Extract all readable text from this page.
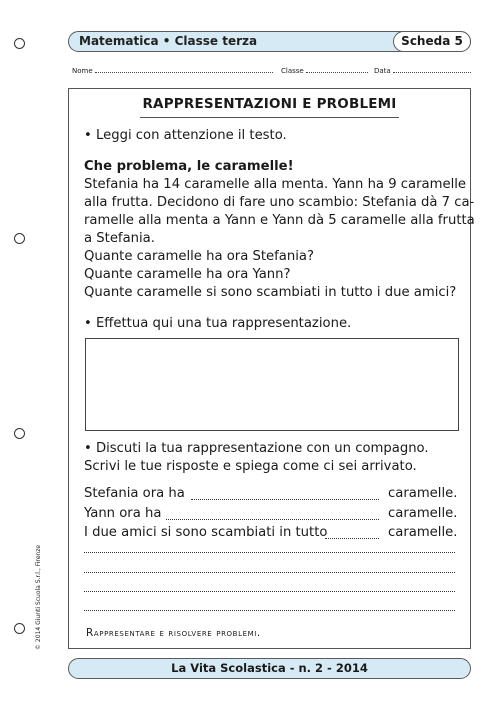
Matematica • Classe terza	Scheda 5
Nome	Classe	Data
RAPPRESENTAZIONI E PROBLEMI
• Leggi con attenzione il testo.
Che problema, le caramelle!
Stefania ha 14 caramelle alla menta. Yann ha 9 caramelle
alla frutta. Decidono di fare uno scambio: Stefania dà 7 ca-
ramelle alla menta a Yann e Yann dà 5 caramelle alla frutta
a Stefania.
Quante caramelle ha ora Stefania?
Quante caramelle ha ora Yann?
Quante caramelle si sono scambiati in tutto i due amici?
• Effettua qui una tua rappresentazione.
• Discuti la tua rappresentazione con un compagno.
Scrivi le tue risposte e spiega come ci sei arrivato.
Stefania ora ha	caramelle.
Yann ora ha	caramelle.
I due amici si sono scambiati in tutto	caramelle.
Rappresentare e risolvere problemi.
© 2014 Giunti Scuola S.r.l., Firenze
La Vita Scolastica - n. 2 - 2014
